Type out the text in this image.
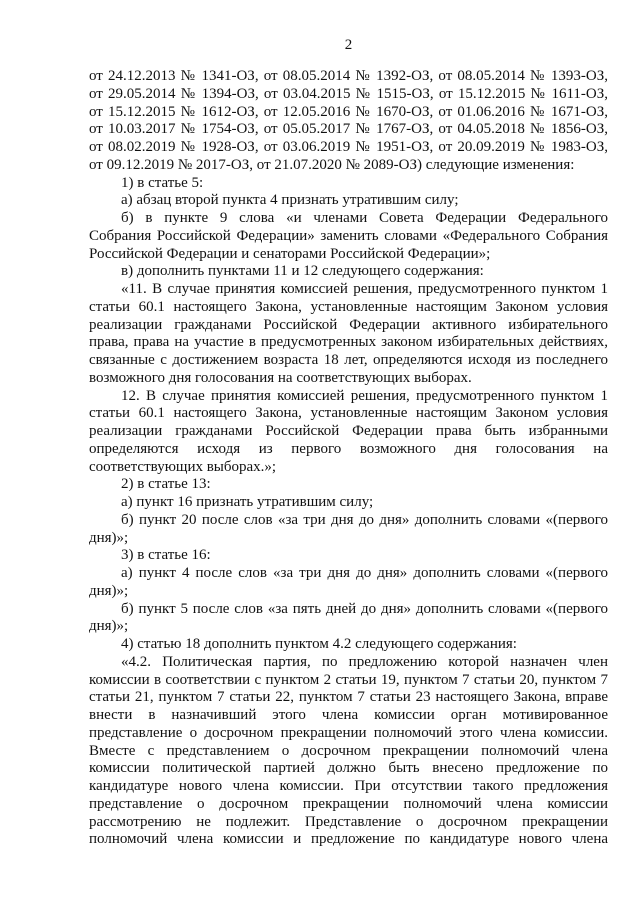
2
от 24.12.2013 № 1341-ОЗ, от 08.05.2014 № 1392-ОЗ, от 08.05.2014 № 1393-ОЗ,
от 29.05.2014 № 1394-ОЗ, от 03.04.2015 № 1515-ОЗ, от 15.12.2015 № 1611-ОЗ,
от 15.12.2015 № 1612-ОЗ, от 12.05.2016 № 1670-ОЗ, от 01.06.2016 № 1671-ОЗ,
от 10.03.2017 № 1754-ОЗ, от 05.05.2017 № 1767-ОЗ, от 04.05.2018 № 1856-ОЗ,
от 08.02.2019 № 1928-ОЗ, от 03.06.2019 № 1951-ОЗ, от 20.09.2019 № 1983-ОЗ,
от 09.12.2019 № 2017-ОЗ, от 21.07.2020 № 2089-ОЗ) следующие изменения:
1) в статье 5:
а) абзац второй пункта 4 признать утратившим силу;
б) в пункте 9 слова «и членами Совета Федерации Федерального
Собрания Российской Федерации» заменить словами «Федерального Собрания
Российской Федерации и сенаторами Российской Федерации»;
в) дополнить пунктами 11 и 12 следующего содержания:
«11. В случае принятия комиссией решения, предусмотренного пунктом 1
статьи 60.1 настоящего Закона, установленные настоящим Законом условия
реализации гражданами Российской Федерации активного избирательного
права, права на участие в предусмотренных законом избирательных действиях,
связанные с достижением возраста 18 лет, определяются исходя из последнего
возможного дня голосования на соответствующих выборах.
12. В случае принятия комиссией решения, предусмотренного пунктом 1
статьи 60.1 настоящего Закона, установленные настоящим Законом условия
реализации гражданами Российской Федерации права быть избранными
определяются исходя из первого возможного дня голосования на
соответствующих выборах.»;
2) в статье 13:
а) пункт 16 признать утратившим силу;
б) пункт 20 после слов «за три дня до дня» дополнить словами «(первого
дня)»;
3) в статье 16:
а) пункт 4 после слов «за три дня до дня» дополнить словами «(первого
дня)»;
б) пункт 5 после слов «за пять дней до дня» дополнить словами «(первого
дня)»;
4) статью 18 дополнить пунктом 4.2 следующего содержания:
«4.2. Политическая партия, по предложению которой назначен член
комиссии в соответствии с пунктом 2 статьи 19, пунктом 7 статьи 20, пунктом 7
статьи 21, пунктом 7 статьи 22, пунктом 7 статьи 23 настоящего Закона, вправе
внести в назначивший этого члена комиссии орган мотивированное
представление о досрочном прекращении полномочий этого члена комиссии.
Вместе с представлением о досрочном прекращении полномочий члена
комиссии политической партией должно быть внесено предложение по
кандидатуре нового члена комиссии. При отсутствии такого предложения
представление о досрочном прекращении полномочий члена комиссии
рассмотрению не подлежит. Представление о досрочном прекращении
полномочий члена комиссии и предложение по кандидатуре нового члена
